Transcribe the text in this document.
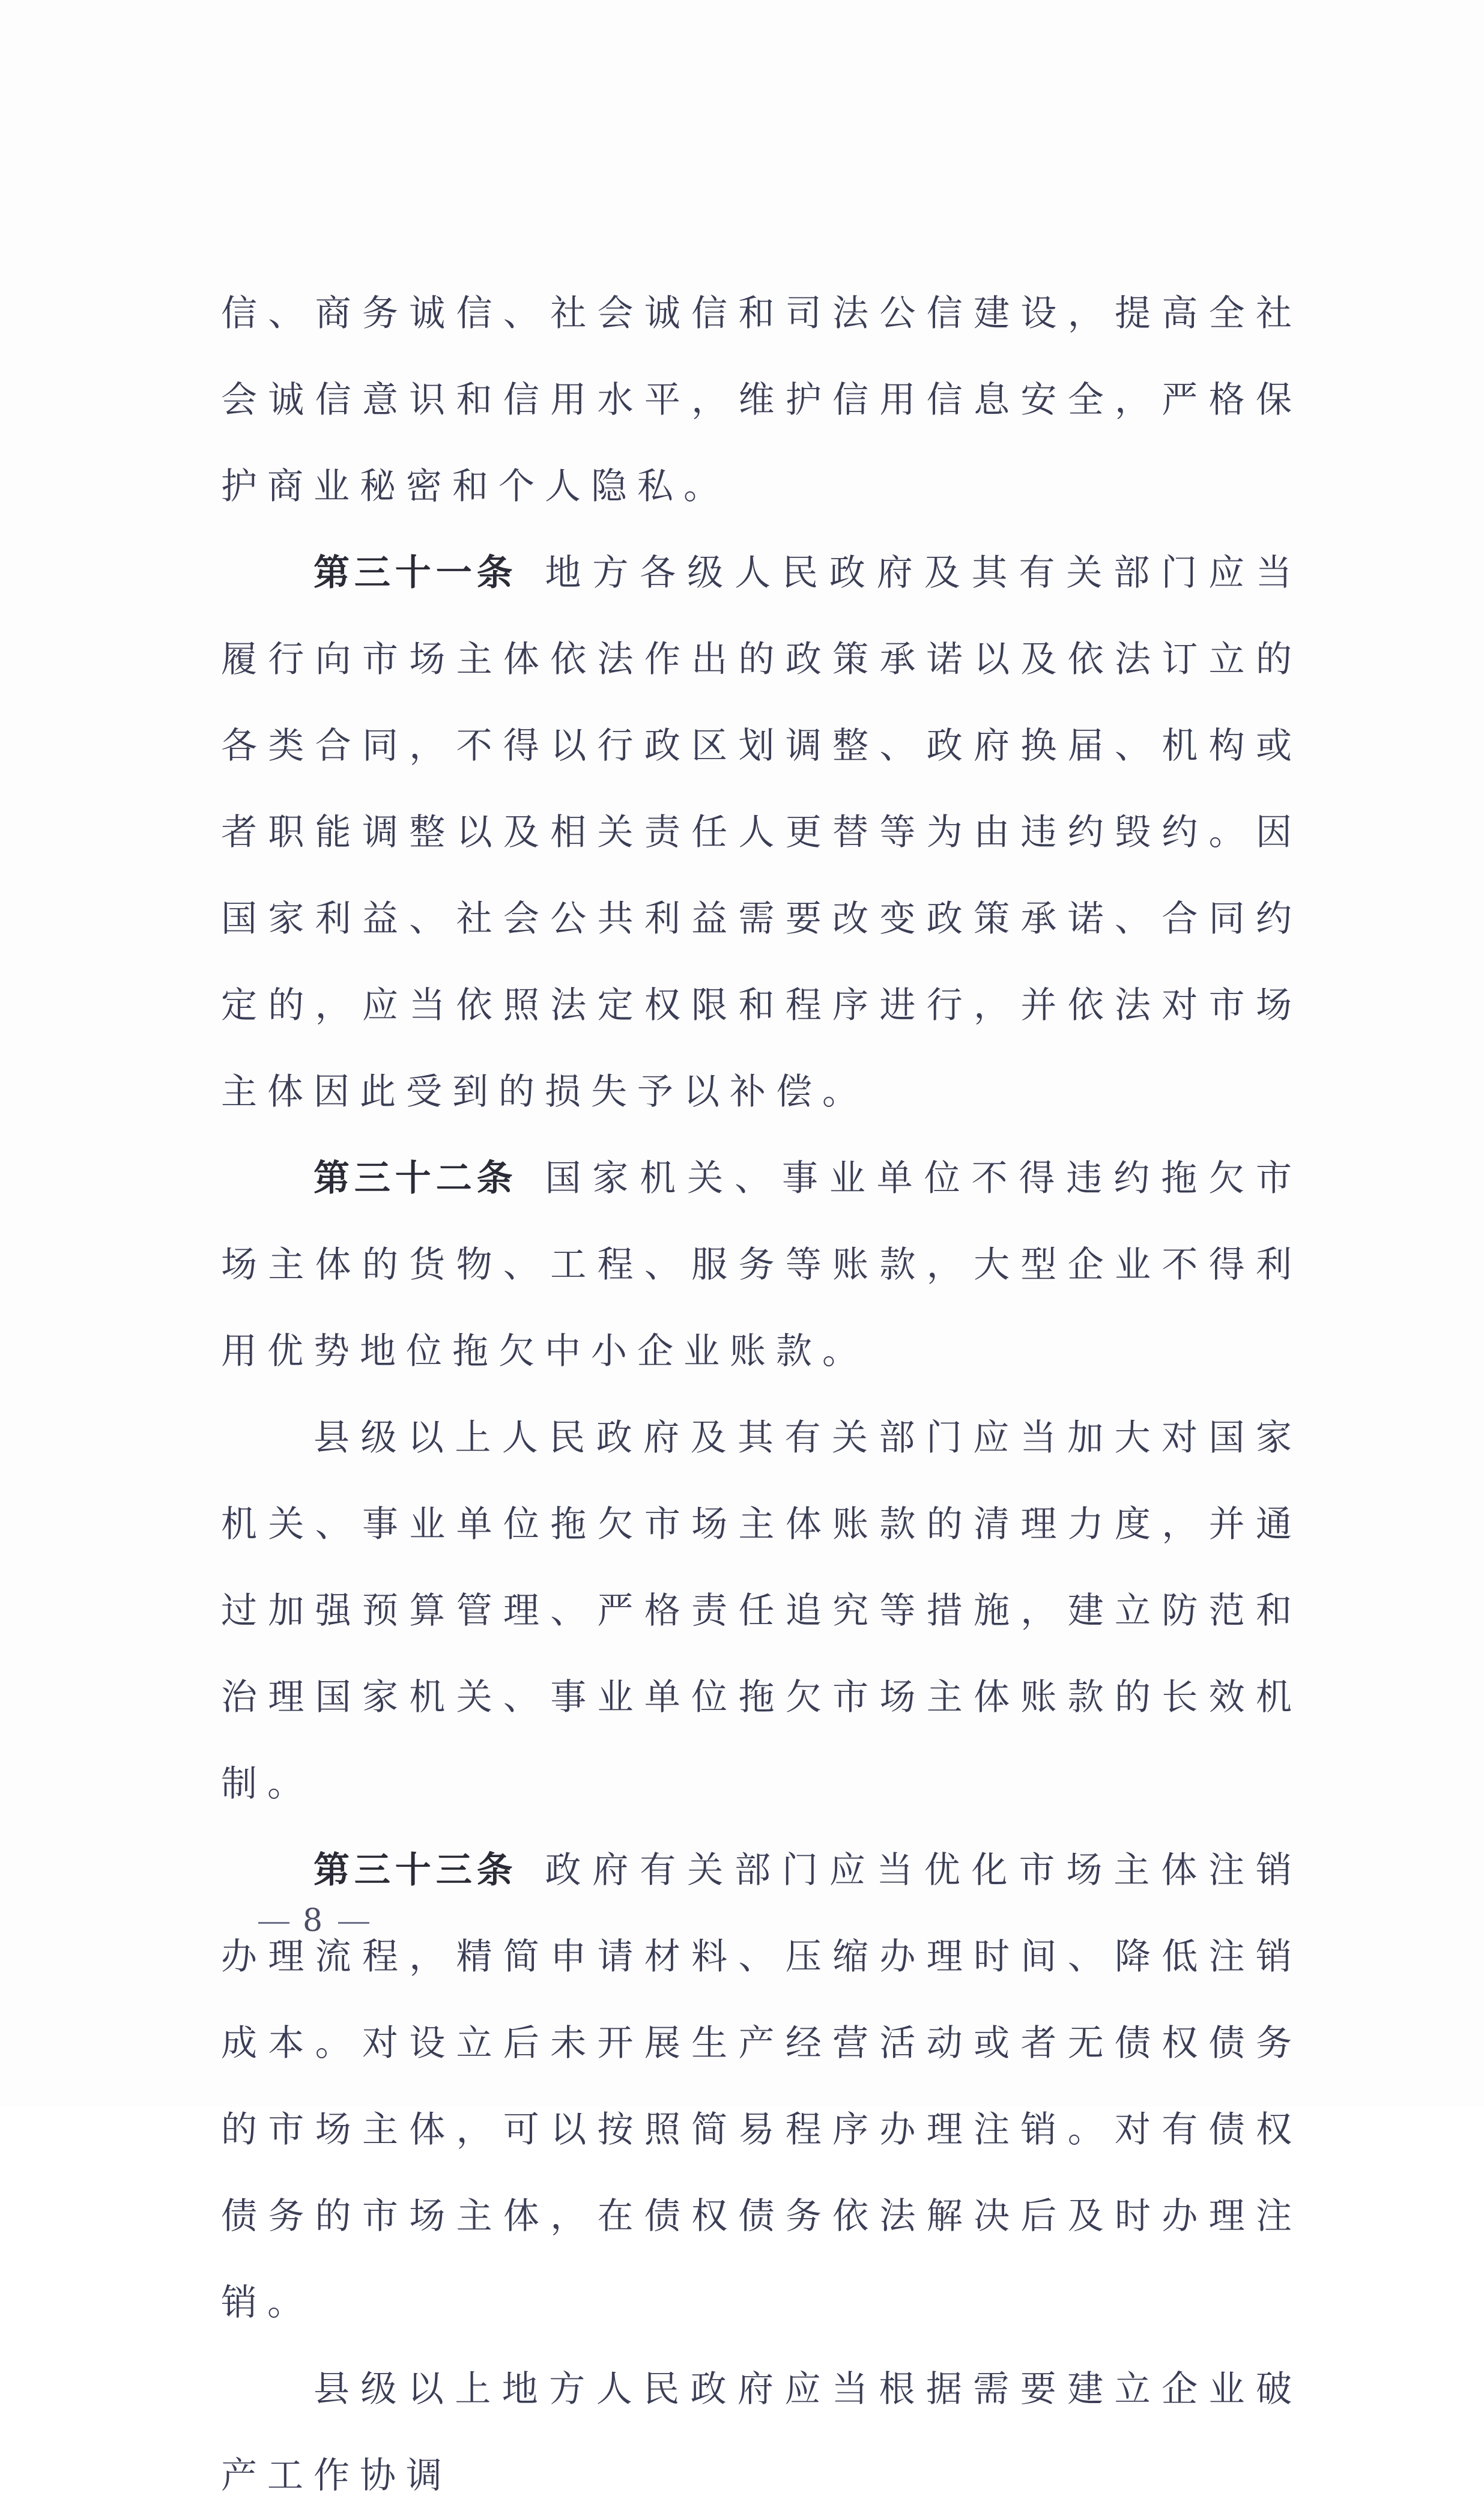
信、商务诚信、社会诚信和司法公信建设，提高全社会诚信意识和信用水平，维护信用信息安全，严格保护商业秘密和个人隐私。

第三十一条 地方各级人民政府及其有关部门应当履行向市场主体依法作出的政策承诺以及依法订立的各类合同，不得以行政区划调整、政府换届、机构或者职能调整以及相关责任人更替等为由违约毁约。因国家利益、社会公共利益需要改变政策承诺、合同约定的，应当依照法定权限和程序进行，并依法对市场主体因此受到的损失予以补偿。

第三十二条 国家机关、事业单位不得违约拖欠市场主体的货物、工程、服务等账款，大型企业不得利用优势地位拖欠中小企业账款。

县级以上人民政府及其有关部门应当加大对国家机关、事业单位拖欠市场主体账款的清理力度，并通过加强预算管理、严格责任追究等措施，建立防范和治理国家机关、事业单位拖欠市场主体账款的长效机制。

第三十三条 政府有关部门应当优化市场主体注销办理流程，精简申请材料、压缩办理时间、降低注销成本。对设立后未开展生产经营活动或者无债权债务的市场主体，可以按照简易程序办理注销。对有债权债务的市场主体，在债权债务依法解决后及时办理注销。

县级以上地方人民政府应当根据需要建立企业破产工作协调

8
